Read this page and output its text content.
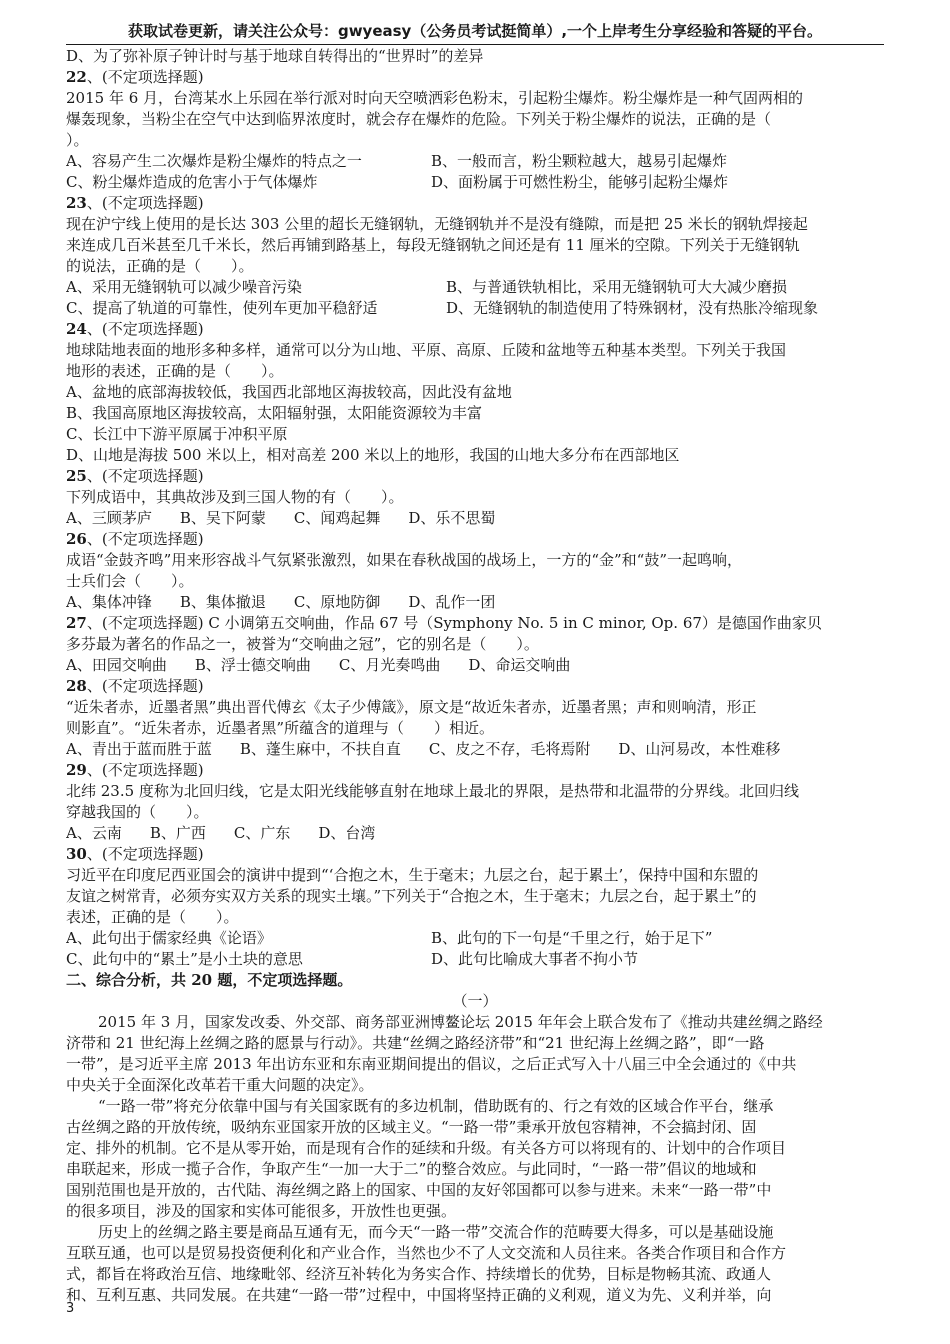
获取试卷更新，请关注公众号：gwyeasy（公务员考试挺简单）,一个上岸考生分享经验和答疑的平台。
D、为了弥补原子钟计时与基于地球自转得出的“世界时”的差异
22、(不定项选择题)
2015 年 6 月，台湾某水上乐园在举行派对时向天空喷洒彩色粉末，引起粉尘爆炸。粉尘爆炸是一种气固两相的
爆轰现象，当粉尘在空气中达到临界浓度时，就会存在爆炸的危险。下列关于粉尘爆炸的说法，正确的是（
）。
A、容易产生二次爆炸是粉尘爆炸的特点之一	B、一般而言，粉尘颗粒越大，越易引起爆炸
C、粉尘爆炸造成的危害小于气体爆炸	D、面粉属于可燃性粉尘，能够引起粉尘爆炸
23、(不定项选择题)
现在沪宁线上使用的是长达 303 公里的超长无缝钢轨，无缝钢轨并不是没有缝隙，而是把 25 米长的钢轨焊接起
来连成几百米甚至几千米长，然后再铺到路基上，每段无缝钢轨之间还是有 11 厘米的空隙。下列关于无缝钢轨
的说法，正确的是（　　）。
A、采用无缝钢轨可以减少噪音污染	B、与普通铁轨相比，采用无缝钢轨可大大减少磨损
C、提高了轨道的可靠性，使列车更加平稳舒适	D、无缝钢轨的制造使用了特殊钢材，没有热胀冷缩现象
24、(不定项选择题)
地球陆地表面的地形多种多样，通常可以分为山地、平原、高原、丘陵和盆地等五种基本类型。下列关于我国
地形的表述，正确的是（　　）。
A、盆地的底部海拔较低，我国西北部地区海拔较高，因此没有盆地
B、我国高原地区海拔较高，太阳辐射强，太阳能资源较为丰富
C、长江中下游平原属于冲积平原
D、山地是海拔 500 米以上，相对高差 200 米以上的地形，我国的山地大多分布在西部地区
25、(不定项选择题)
下列成语中，其典故涉及到三国人物的有（　　）。
A、三顾茅庐 B、吴下阿蒙 C、闻鸡起舞 D、乐不思蜀
26、(不定项选择题)
成语“金鼓齐鸣”用来形容战斗气氛紧张激烈，如果在春秋战国的战场上，一方的“金”和“鼓”一起鸣响，
士兵们会（　　）。
A、集体冲锋 B、集体撤退 C、原地防御 D、乱作一团
27、(不定项选择题) C 小调第五交响曲，作品 67 号（Symphony No. 5 in C minor, Op. 67）是德国作曲家贝
多芬最为著名的作品之一，被誉为“交响曲之冠”，它的别名是（　　）。
A、田园交响曲 B、浮士德交响曲 C、月光奏鸣曲 D、命运交响曲
28、(不定项选择题)
“近朱者赤，近墨者黑”典出晋代傅玄《太子少傅箴》，原文是“故近朱者赤，近墨者黑；声和则响清，形正
则影直”。“近朱者赤，近墨者黑”所蕴含的道理与（　　）相近。
A、青出于蓝而胜于蓝 B、蓬生麻中，不扶自直 C、皮之不存，毛将焉附 D、山河易改，本性难移
29、(不定项选择题)
北纬 23.5 度称为北回归线，它是太阳光线能够直射在地球上最北的界限，是热带和北温带的分界线。北回归线
穿越我国的（　　）。
A、云南 B、广西 C、广东 D、台湾
30、(不定项选择题)
习近平在印度尼西亚国会的演讲中提到“‘合抱之木，生于毫末；九层之台，起于累土’，保持中国和东盟的
友谊之树常青，必须夯实双方关系的现实土壤。”下列关于“合抱之木，生于毫末；九层之台，起于累土”的
表述，正确的是（　　）。
A、此句出于儒家经典《论语》	B、此句的下一句是“千里之行，始于足下”
C、此句中的“累土”是小土块的意思	D、此句比喻成大事者不拘小节
二、综合分析，共 20 题，不定项选择题。
（一）
2015 年 3 月，国家发改委、外交部、商务部亚洲博鳌论坛 2015 年年会上联合发布了《推动共建丝绸之路经
济带和 21 世纪海上丝绸之路的愿景与行动》。共建“丝绸之路经济带”和“21 世纪海上丝绸之路”，即“一路
一带”，是习近平主席 2013 年出访东亚和东南亚期间提出的倡议，之后正式写入十八届三中全会通过的《中共
中央关于全面深化改革若干重大问题的决定》。
“一路一带”将充分依靠中国与有关国家既有的多边机制，借助既有的、行之有效的区域合作平台，继承
古丝绸之路的开放传统，吸纳东亚国家开放的区域主义。“一路一带”秉承开放包容精神，不会搞封闭、固
定、排外的机制。它不是从零开始，而是现有合作的延续和升级。有关各方可以将现有的、计划中的合作项目
串联起来，形成一揽子合作，争取产生“一加一大于二”的整合效应。与此同时，“一路一带”倡议的地域和
国别范围也是开放的，古代陆、海丝绸之路上的国家、中国的友好邻国都可以参与进来。未来“一路一带”中
的很多项目，涉及的国家和实体可能很多，开放性也更强。
历史上的丝绸之路主要是商品互通有无，而今天“一路一带”交流合作的范畴要大得多，可以是基础设施
互联互通，也可以是贸易投资便利化和产业合作，当然也少不了人文交流和人员往来。各类合作项目和合作方
式，都旨在将政治互信、地缘毗邻、经济互补转化为务实合作、持续增长的优势，目标是物畅其流、政通人
和、互利互惠、共同发展。在共建“一路一带”过程中，中国将坚持正确的义利观，道义为先、义利并举，向
3
